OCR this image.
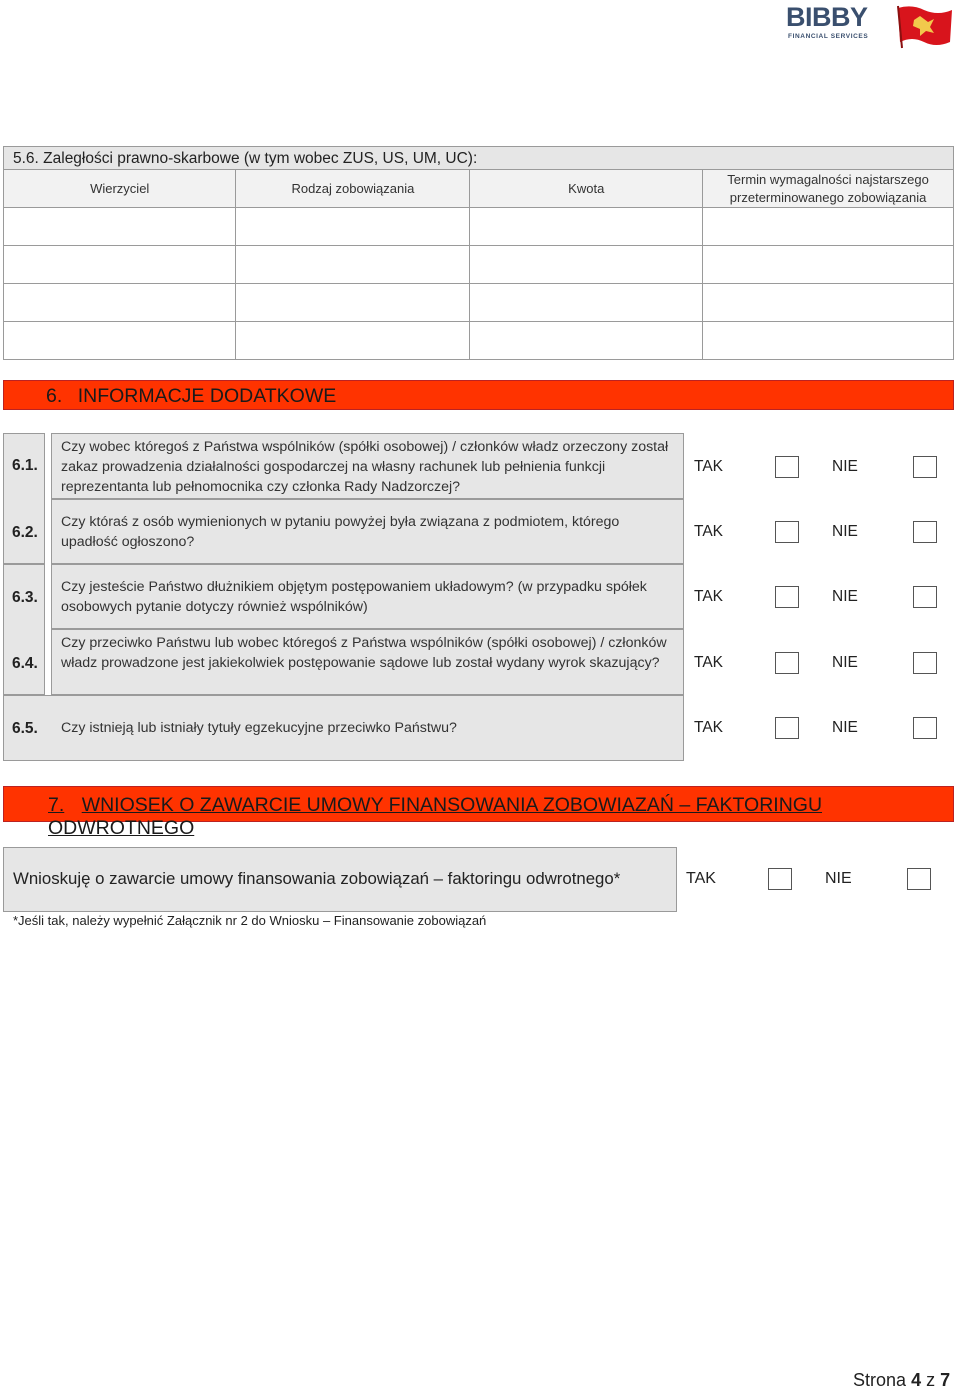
BIBBY
FINANCIAL SERVICES
5.6. Zaległości prawno-skarbowe (w tym wobec ZUS, US, UM, UC):
Wierzyciel	Rodzaj zobowiązania	Kwota	Termin wymagalności najstarszego przeterminowanego zobowiązania

6. INFORMACJE DODATKOWE
6.1.
Czy wobec któregoś z Państwa wspólników (spółki osobowej) / członków władz orzeczony został zakaz prowadzenia działalności gospodarczej na własny rachunek lub pełnienia funkcji reprezentanta lub pełnomocnika czy członka Rady Nadzorczej?
TAK	NIE
6.2.
Czy któraś z osób wymienionych w pytaniu powyżej była związana z podmiotem, którego upadłość ogłoszono?
TAK	NIE
6.3.
Czy jesteście Państwo dłużnikiem objętym postępowaniem układowym? (w przypadku spółek osobowych pytanie dotyczy również wspólników)
TAK	NIE
6.4.
Czy przeciwko Państwu lub wobec któregoś z Państwa wspólników (spółki osobowej) / członków władz prowadzone jest jakiekolwiek postępowanie sądowe lub został wydany wyrok skazujący?	TAK	NIE
6.5. Czy istnieją lub istniały tytuły egzekucyjne przeciwko Państwu?	TAK	NIE
7. WNIOSEK O ZAWARCIE UMOWY FINANSOWANIA ZOBOWIAZAŃ – FAKTORINGU ODWROTNEGO
Wnioskuję o zawarcie umowy finansowania zobowiązań – faktoringu odwrotnego*	TAK	NIE
*Jeśli tak, należy wypełnić Załącznik nr 2 do Wniosku – Finansowanie zobowiązań
Strona 4 z 7
